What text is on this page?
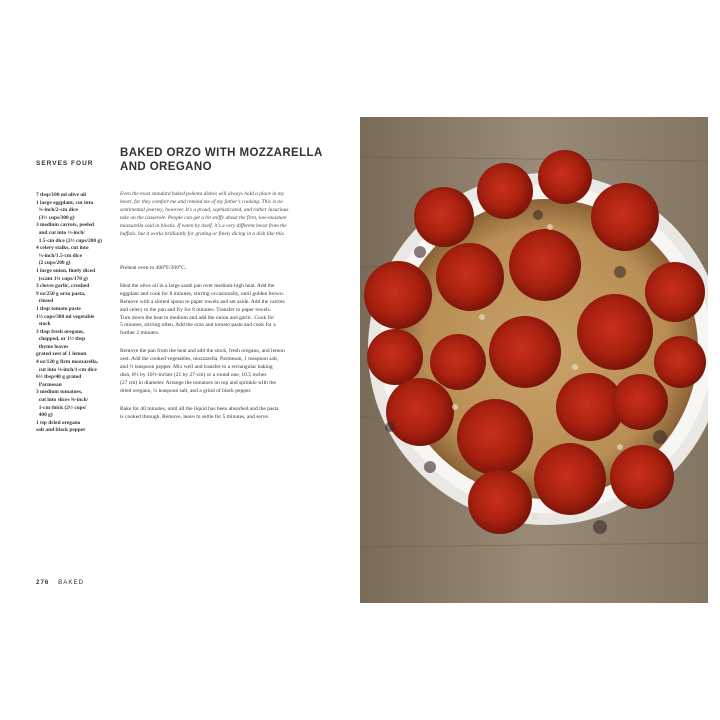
SERVES FOUR
BAKED ORZO WITH MOZZARELLA
AND OREGANO
7 tbsp/100 ml olive oil
1 large eggplant, cut into
¾-inch/2-cm dice
(3½ cups/300 g)
3 medium carrots, peeled
and cut into ⅓-inch/
1.5-cm dice (2½ cups/200 g)
4 celery stalks, cut into
⅓-inch/1.5-cm dice
(2 cups/200 g)
1 large onion, finely diced
(scant 1¾ cups/170 g)
3 cloves garlic, crushed
9 oz/250 g orzo pasta,
rinsed
1 tbsp tomato paste
1⅓ cups/300 ml vegetable
stock
3 tbsp fresh oregano,
chopped, or 1½ tbsp
thyme leaves
grated zest of 1 lemon
4 oz/120 g firm mozzarella,
cut into ⅜-inch/1-cm dice
6½ tbsp/40 g grated
Parmesan
3 medium tomatoes,
cut into slices ⅜-inch/
1-cm thick (2½ cups/
400 g)
1 tsp dried oregano
salt and black pepper
Even the most standard baked polenta dishes will always hold a place in my
heart, for they comfort me and remind me of my father's cooking. This is no
sentimental journey, however. It's a proud, sophisticated, and rather luxurious
take on the casserole. People can get a bit sniffy about the firm, low-moisture
mozzarella sold in blocks. If eaten by itself, it's a very different beast from the
buffalo, but it works brilliantly for grating or finely dicing in a dish like this.
Preheat oven to 400°F/200°C.
Heat the olive oil in a large sauté pan over medium-high heat. Add the
eggplant and cook for 8 minutes, stirring occasionally, until golden brown.
Remove with a slotted spoon to paper towels and set aside. Add the carrots
and celery to the pan and fry for 8 minutes. Transfer to paper towels.
Turn down the heat to medium and add the onion and garlic. Cook for
5 minutes, stirring often. Add the orzo and tomato paste and cook for a
further 2 minutes.
Remove the pan from the heat and add the stock, fresh oregano, and lemon
zest. Add the cooked vegetables, mozzarella, Parmesan, 1 teaspoon salt,
and ½ teaspoon pepper. Mix well and transfer to a rectangular baking
dish, 8½ by 10½-inches (21 by 27-cm) or a round one, 10.5 inches
(27 cm) in diameter. Arrange the tomatoes on top and sprinkle with the
dried oregano, ¼ teaspoon salt, and a grind of black pepper.
Bake for 40 minutes, until all the liquid has been absorbed and the pasta
is cooked through. Remove, leave to settle for 5 minutes, and serve.
276 BAKED
